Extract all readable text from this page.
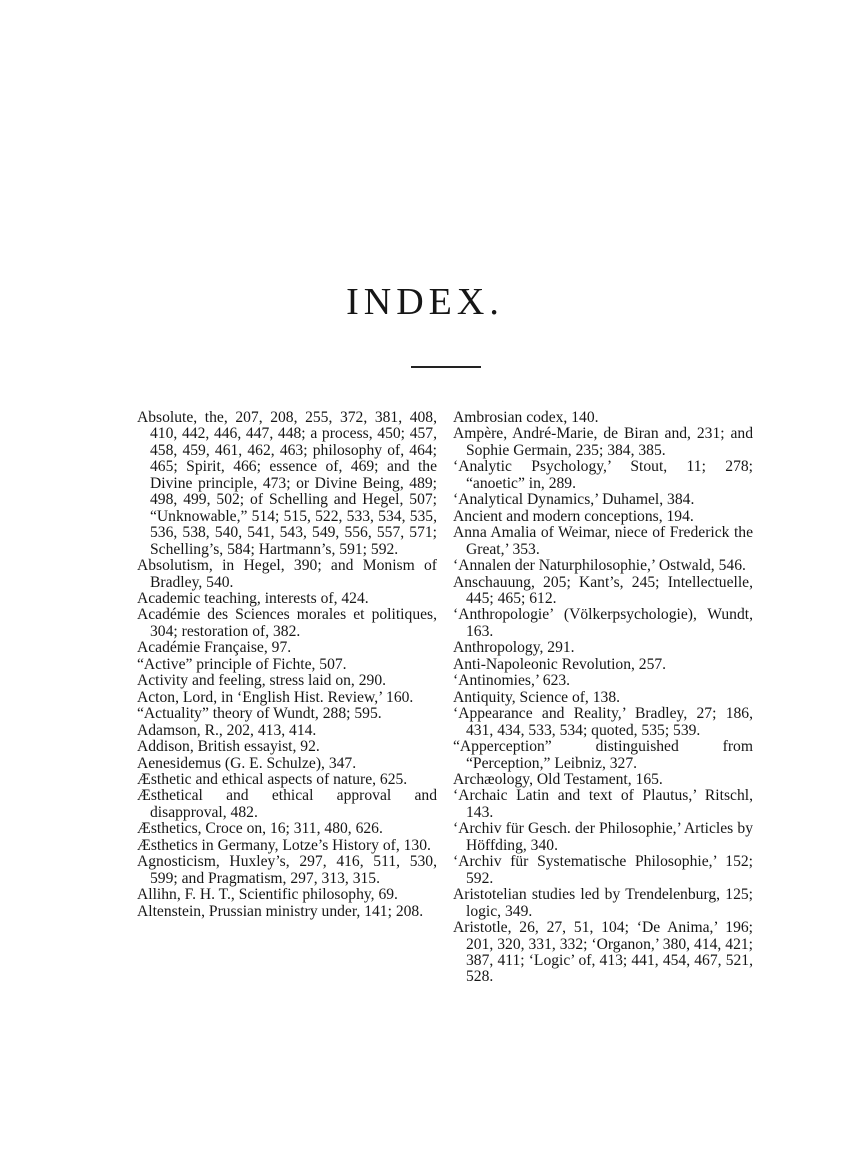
INDEX.

Absolute, the, 207, 208, 255, 372, 381, 408, 410, 442, 446, 447, 448; a process, 450; 457, 458, 459, 461, 462, 463; philosophy of, 464; 465; Spirit, 466; essence of, 469; and the Divine principle, 473; or Divine Being, 489; 498, 499, 502; of Schelling and Hegel, 507; “Unknowable,” 514; 515, 522, 533, 534, 535, 536, 538, 540, 541, 543, 549, 556, 557, 571; Schelling’s, 584; Hartmann’s, 591; 592.

Absolutism, in Hegel, 390; and Monism of Bradley, 540.

Academic teaching, interests of, 424.

Académie des Sciences morales et politiques, 304; restoration of, 382.

Académie Française, 97.

“Active” principle of Fichte, 507.

Activity and feeling, stress laid on, 290.

Acton, Lord, in ‘English Hist. Review,’ 160.

“Actuality” theory of Wundt, 288; 595.

Adamson, R., 202, 413, 414.

Addison, British essayist, 92.

Aenesidemus (G. E. Schulze), 347.

Æsthetic and ethical aspects of nature, 625.

Æsthetical and ethical approval and disapproval, 482.

Æsthetics, Croce on, 16; 311, 480, 626.

Æsthetics in Germany, Lotze’s History of, 130.

Agnosticism, Huxley’s, 297, 416, 511, 530, 599; and Pragmatism, 297, 313, 315.

Allihn, F. H. T., Scientific philosophy, 69.

Altenstein, Prussian ministry under, 141; 208.

Ambrosian codex, 140.

Ampère, André-Marie, de Biran and, 231; and Sophie Germain, 235; 384, 385.

‘Analytic Psychology,’ Stout, 11; 278; “anoetic” in, 289.

‘Analytical Dynamics,’ Duhamel, 384.

Ancient and modern conceptions, 194.

Anna Amalia of Weimar, niece of Frederick the Great,’ 353.

‘Annalen der Naturphilosophie,’ Ostwald, 546.

Anschauung, 205; Kant’s, 245; Intellectuelle, 445; 465; 612.

‘Anthropologie’ (Völkerpsychologie), Wundt, 163.

Anthropology, 291.

Anti-Napoleonic Revolution, 257.

‘Antinomies,’ 623.

Antiquity, Science of, 138.

‘Appearance and Reality,’ Bradley, 27; 186, 431, 434, 533, 534; quoted, 535; 539.

“Apperception” distinguished from “Perception,” Leibniz, 327.

Archæology, Old Testament, 165.

‘Archaic Latin and text of Plautus,’ Ritschl, 143.

‘Archiv für Gesch. der Philosophie,’ Articles by Höffding, 340.

‘Archiv für Systematische Philosophie,’ 152; 592.

Aristotelian studies led by Trendelenburg, 125; logic, 349.

Aristotle, 26, 27, 51, 104; ‘De Anima,’ 196; 201, 320, 331, 332; ‘Organon,’ 380, 414, 421; 387, 411; ‘Logic’ of, 413; 441, 454, 467, 521, 528.
